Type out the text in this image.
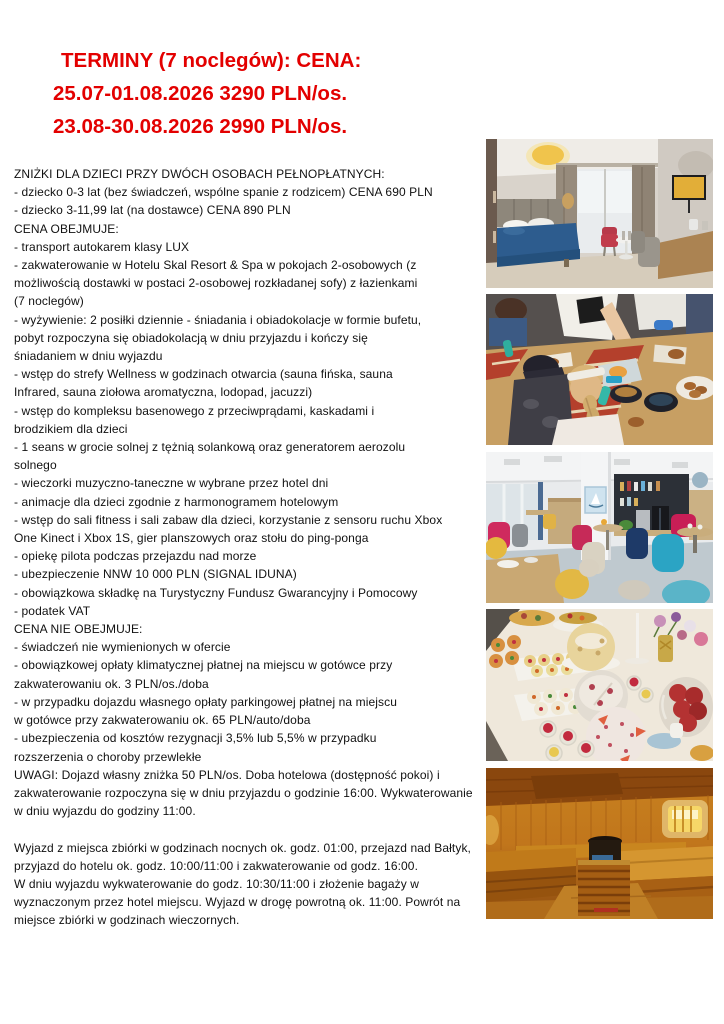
TERMINY (7 noclegów): CENA:
25.07-01.08.2026 3290 PLN/os.
23.08-30.08.2026 2990 PLN/os.
ZNIŻKI DLA DZIECI PRZY DWÓCH OSOBACH PEŁNOPŁATNYCH:
- dziecko 0-3 lat (bez świadczeń, wspólne spanie z rodzicem) CENA 690 PLN
- dziecko 3-11,99 lat (na dostawce) CENA 890 PLN
CENA OBEJMUJE:
- transport autokarem klasy LUX
- zakwaterowanie w Hotelu Skal Resort & Spa w pokojach 2-osobowych (z
możliwością dostawki w postaci 2-osobowej rozkładanej sofy) z łazienkami
(7 noclegów)
- wyżywienie: 2 posiłki dziennie - śniadania i obiadokolacje w formie bufetu,
pobyt rozpoczyna się obiadokolacją w dniu przyjazdu i kończy się
śniadaniem w dniu wyjazdu
- wstęp do strefy Wellness w godzinach otwarcia (sauna fińska, sauna
Infrared, sauna ziołowa aromatyczna, lodopad, jacuzzi)
- wstęp do kompleksu basenowego z przeciwprądami, kaskadami i
brodzikiem dla dzieci
- 1 seans w grocie solnej z tężnią solankową oraz generatorem aerozolu
solnego
- wieczorki muzyczno-taneczne w wybrane przez hotel dni
- animacje dla dzieci zgodnie z harmonogramem hotelowym
- wstęp do sali fitness i sali zabaw dla dzieci, korzystanie z sensoru ruchu Xbox
One Kinect i Xbox 1S, gier planszowych oraz stołu do ping-ponga
- opiekę pilota podczas przejazdu nad morze
- ubezpieczenie NNW 10 000 PLN (SIGNAL IDUNA)
- obowiązkowa składkę na Turystyczny Fundusz Gwarancyjny i Pomocowy
- podatek VAT
CENA NIE OBEJMUJE:
- świadczeń nie wymienionych w ofercie
- obowiązkowej opłaty klimatycznej płatnej na miejscu w gotówce przy
zakwaterowaniu ok. 3 PLN/os./doba
- w przypadku dojazdu własnego opłaty parkingowej płatnej na miejscu
w gotówce przy zakwaterowaniu ok. 65 PLN/auto/doba
- ubezpieczenia od kosztów rezygnacji 3,5% lub 5,5% w przypadku
rozszerzenia o choroby przewlekłe
UWAGI: Dojazd własny zniżka 50 PLN/os. Doba hotelowa (dostępność pokoi) i
zakwaterowanie rozpoczyna się w dniu przyjazdu o godzinie 16:00. Wykwaterowanie
w dniu wyjazdu do godziny 11:00.

Wyjazd z miejsca zbiórki w godzinach nocnych ok. godz. 01:00, przejazd nad Bałtyk,
przyjazd do hotelu ok. godz. 10:00/11:00 i zakwaterowanie od godz. 16:00.
W dniu wyjazdu wykwaterowanie do godz. 10:30/11:00 i złożenie bagaży w
wyznaczonym przez hotel miejscu. Wyjazd w drogę powrotną ok. 11:00. Powrót na
miejsce zbiórki w godzinach wieczornych.
